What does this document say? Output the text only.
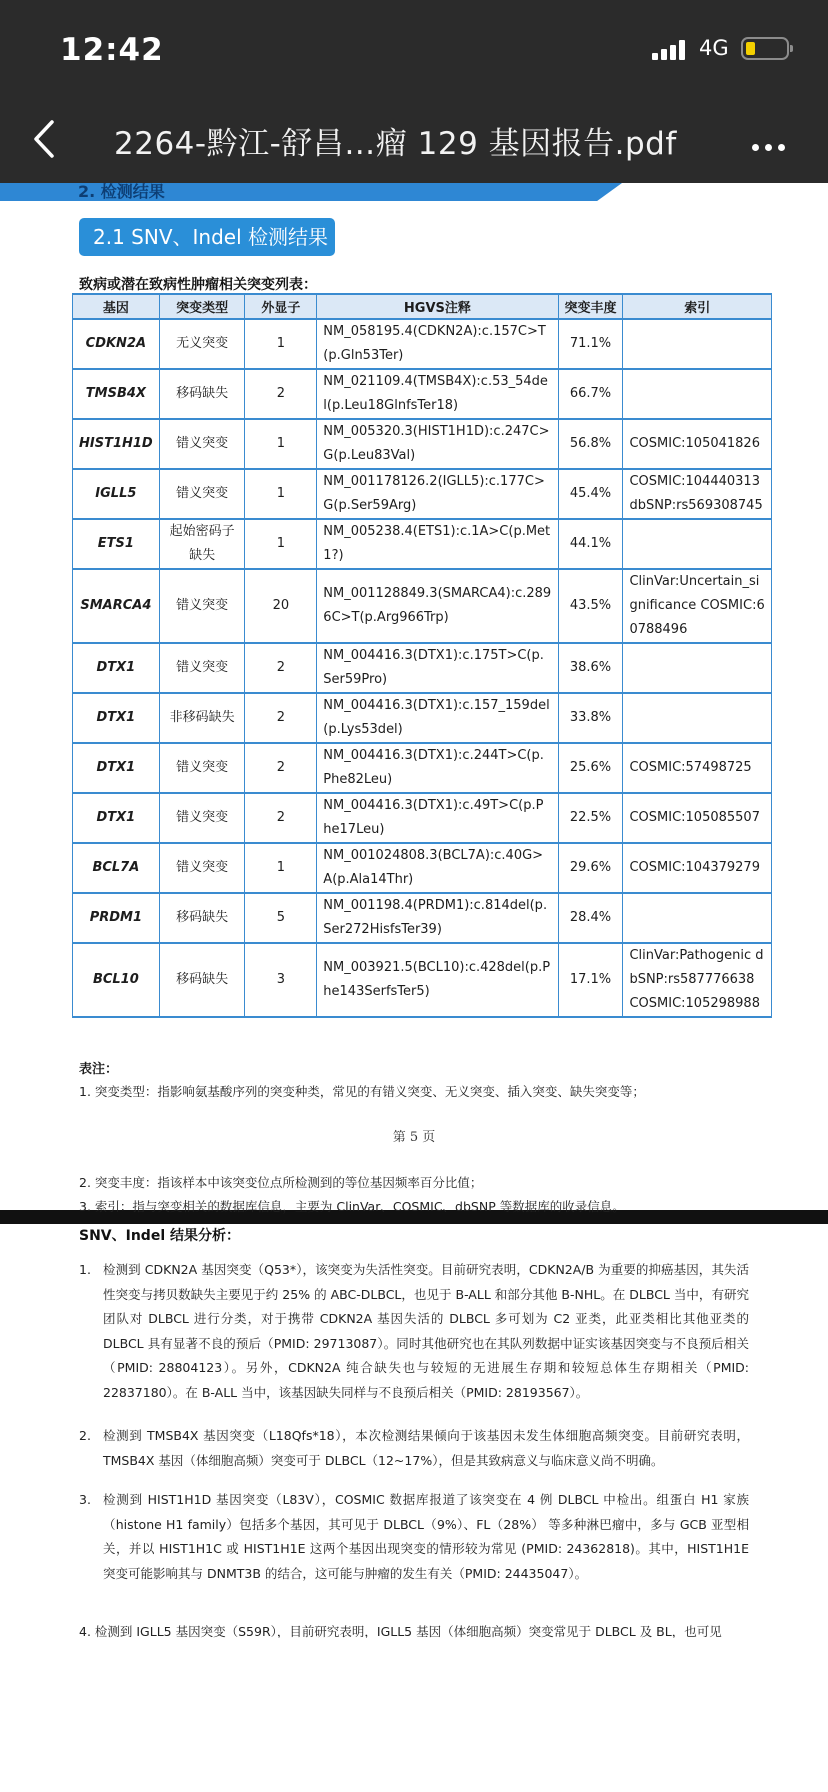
12:42	4G
2264-黔江-舒昌…瘤 129 基因报告.pdf
2. 检测结果
2.1 SNV、Indel 检测结果
致病或潜在致病性肿瘤相关突变列表：
基因	突变类型	外显子	HGVS注释	突变丰度	索引
CDKN2A	无义突变	1	NM_058195.4(CDKN2A):c.157C>T(p.Gln53Ter)	71.1%	
TMSB4X	移码缺失	2	NM_021109.4(TMSB4X):c.53_54del(p.Leu18GlnfsTer18)	66.7%	
HIST1H1D	错义突变	1	NM_005320.3(HIST1H1D):c.247C>G(p.Leu83Val)	56.8%	COSMIC:105041826
IGLL5	错义突变	1	NM_001178126.2(IGLL5):c.177C>G(p.Ser59Arg)	45.4%	COSMIC:104440313 dbSNP:rs569308745
ETS1	起始密码子缺失	1	NM_005238.4(ETS1):c.1A>C(p.Met1?)	44.1%	
SMARCA4	错义突变	20	NM_001128849.3(SMARCA4):c.2896C>T(p.Arg966Trp)	43.5%	ClinVar:Uncertain_significance COSMIC:60788496
DTX1	错义突变	2	NM_004416.3(DTX1):c.175T>C(p.Ser59Pro)	38.6%	
DTX1	非移码缺失	2	NM_004416.3(DTX1):c.157_159del(p.Lys53del)	33.8%	
DTX1	错义突变	2	NM_004416.3(DTX1):c.244T>C(p.Phe82Leu)	25.6%	COSMIC:57498725
DTX1	错义突变	2	NM_004416.3(DTX1):c.49T>C(p.Phe17Leu)	22.5%	COSMIC:105085507
BCL7A	错义突变	1	NM_001024808.3(BCL7A):c.40G>A(p.Ala14Thr)	29.6%	COSMIC:104379279
PRDM1	移码缺失	5	NM_001198.4(PRDM1):c.814del(p.Ser272HisfsTer39)	28.4%	
BCL10	移码缺失	3	NM_003921.5(BCL10):c.428del(p.Phe143SerfsTer5)	17.1%	ClinVar:Pathogenic dbSNP:rs587776638 COSMIC:105298988
表注：
1. 突变类型：指影响氨基酸序列的突变种类，常见的有错义突变、无义突变、插入突变、缺失突变等；
第 5 页
2. 突变丰度：指该样本中该突变位点所检测到的等位基因频率百分比值；
3. 索引：指与突变相关的数据库信息，主要为 ClinVar、COSMIC、dbSNP 等数据库的收录信息。
SNV、Indel 结果分析：
1. 检测到 CDKN2A 基因突变（Q53*），该突变为失活性突变。目前研究表明，CDKN2A/B 为重要的抑癌基因，其失活性突变与拷贝数缺失主要见于约 25% 的 ABC-DLBCL，也见于 B-ALL 和部分其他 B-NHL。在 DLBCL 当中，有研究团队对 DLBCL 进行分类，对于携带 CDKN2A 基因失活的 DLBCL 多可划为 C2 亚类，此亚类相比其他亚类的 DLBCL 具有显著不良的预后（PMID: 29713087）。同时其他研究也在其队列数据中证实该基因突变与不良预后相关（PMID: 28804123）。另外，CDKN2A 纯合缺失也与较短的无进展生存期和较短总体生存期相关（PMID: 22837180）。在 B-ALL 当中，该基因缺失同样与不良预后相关（PMID: 28193567）。
2. 检测到 TMSB4X 基因突变（L18Qfs*18），本次检测结果倾向于该基因未发生体细胞高频突变。目前研究表明，TMSB4X 基因（体细胞高频）突变可于 DLBCL（12~17%），但是其致病意义与临床意义尚不明确。
3. 检测到 HIST1H1D 基因突变（L83V），COSMIC 数据库报道了该突变在 4 例 DLBCL 中检出。组蛋白 H1 家族（histone H1 family）包括多个基因，其可见于 DLBCL（9%）、FL（28%） 等多种淋巴瘤中，多与 GCB 亚型相关，并以 HIST1H1C 或 HIST1H1E 这两个基因出现突变的情形较为常见 (PMID: 24362818)。其中，HIST1H1E 突变可能影响其与 DNMT3B 的结合，这可能与肿瘤的发生有关（PMID: 24435047）。
4. 检测到 IGLL5 基因突变（S59R），目前研究表明，IGLL5 基因（体细胞高频）突变常见于 DLBCL 及 BL，也可见
